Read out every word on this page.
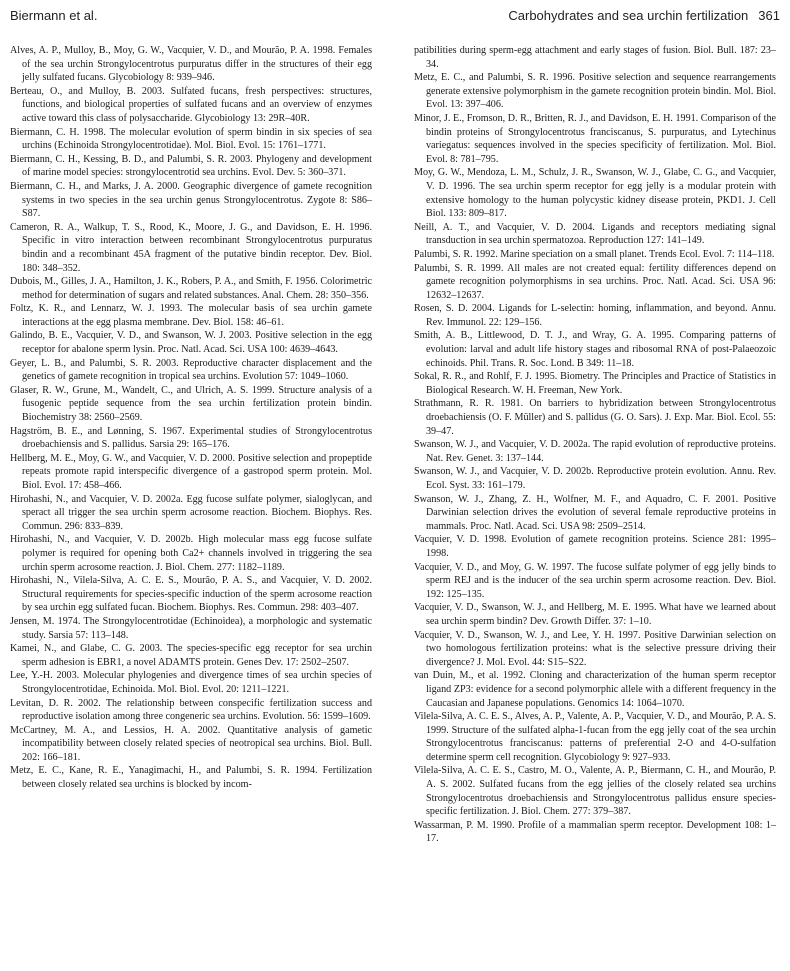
Biermann et al.	Carbohydrates and sea urchin fertilization 361

Alves, A. P., Mulloy, B., Moy, G. W., Vacquier, V. D., and Mourão, P. A. 1998. Females of the sea urchin Strongylocentrotus purpuratus differ in the structures of their egg jelly sulfated fucans. Glycobiology 8: 939–946.

Berteau, O., and Mulloy, B. 2003. Sulfated fucans, fresh perspectives: structures, functions, and biological properties of sulfated fucans and an overview of enzymes active toward this class of polysaccharide. Glycobiology 13: 29R–40R.

Biermann, C. H. 1998. The molecular evolution of sperm bindin in six species of sea urchins (Echinoida Strongylocentrotidae). Mol. Biol. Evol. 15: 1761–1771.

Biermann, C. H., Kessing, B. D., and Palumbi, S. R. 2003. Phylogeny and development of marine model species: strongylocentrotid sea urchins. Evol. Dev. 5: 360–371.

Biermann, C. H., and Marks, J. A. 2000. Geographic divergence of gamete recognition systems in two species in the sea urchin genus Strongylocentrotus. Zygote 8: S86–S87.

Cameron, R. A., Walkup, T. S., Rood, K., Moore, J. G., and Davidson, E. H. 1996. Specific in vitro interaction between recombinant Strongylocentrotus purpuratus bindin and a recombinant 45A fragment of the putative bindin receptor. Dev. Biol. 180: 348–352.

Dubois, M., Gilles, J. A., Hamilton, J. K., Robers, P. A., and Smith, F. 1956. Colorimetric method for determination of sugars and related substances. Anal. Chem. 28: 350–356.

Foltz, K. R., and Lennarz, W. J. 1993. The molecular basis of sea urchin gamete interactions at the egg plasma membrane. Dev. Biol. 158: 46–61.

Galindo, B. E., Vacquier, V. D., and Swanson, W. J. 2003. Positive selection in the egg receptor for abalone sperm lysin. Proc. Natl. Acad. Sci. USA 100: 4639–4643.

Geyer, L. B., and Palumbi, S. R. 2003. Reproductive character displacement and the genetics of gamete recognition in tropical sea urchins. Evolution 57: 1049–1060.

Glaser, R. W., Grune, M., Wandelt, C., and Ulrich, A. S. 1999. Structure analysis of a fusogenic peptide sequence from the sea urchin fertilization protein bindin. Biochemistry 38: 2560–2569.

Hagström, B. E., and Lønning, S. 1967. Experimental studies of Strongylocentrotus droebachiensis and S. pallidus. Sarsia 29: 165–176.

Hellberg, M. E., Moy, G. W., and Vacquier, V. D. 2000. Positive selection and propeptide repeats promote rapid interspecific divergence of a gastropod sperm protein. Mol. Biol. Evol. 17: 458–466.

Hirohashi, N., and Vacquier, V. D. 2002a. Egg fucose sulfate polymer, sialoglycan, and speract all trigger the sea urchin sperm acrosome reaction. Biochem. Biophys. Res. Commun. 296: 833–839.

Hirohashi, N., and Vacquier, V. D. 2002b. High molecular mass egg fucose sulfate polymer is required for opening both Ca2+ channels involved in triggering the sea urchin sperm acrosome reaction. J. Biol. Chem. 277: 1182–1189.

Hirohashi, N., Vilela-Silva, A. C. E. S., Mourão, P. A. S., and Vacquier, V. D. 2002. Structural requirements for species-specific induction of the sperm acrosome reaction by sea urchin egg sulfated fucan. Biochem. Biophys. Res. Commun. 298: 403–407.

Jensen, M. 1974. The Strongylocentrotidae (Echinoidea), a morphologic and systematic study. Sarsia 57: 113–148.

Kamei, N., and Glabe, C. G. 2003. The species-specific egg receptor for sea urchin sperm adhesion is EBR1, a novel ADAMTS protein. Genes Dev. 17: 2502–2507.

Lee, Y.-H. 2003. Molecular phylogenies and divergence times of sea urchin species of Strongylocentrotidae, Echinoida. Mol. Biol. Evol. 20: 1211–1221.

Levitan, D. R. 2002. The relationship between conspecific fertilization success and reproductive isolation among three congeneric sea urchins. Evolution. 56: 1599–1609.

McCartney, M. A., and Lessios, H. A. 2002. Quantitative analysis of gametic incompatibility between closely related species of neotropical sea urchins. Biol. Bull. 202: 166–181.

Metz, E. C., Kane, R. E., Yanagimachi, H., and Palumbi, S. R. 1994. Fertilization between closely related sea urchins is blocked by incom-

patibilities during sperm-egg attachment and early stages of fusion. Biol. Bull. 187: 23–34.

Metz, E. C., and Palumbi, S. R. 1996. Positive selection and sequence rearrangements generate extensive polymorphism in the gamete recognition protein bindin. Mol. Biol. Evol. 13: 397–406.

Minor, J. E., Fromson, D. R., Britten, R. J., and Davidson, E. H. 1991. Comparison of the bindin proteins of Strongylocentrotus franciscanus, S. purpuratus, and Lytechinus variegatus: sequences involved in the species specificity of fertilization. Mol. Biol. Evol. 8: 781–795.

Moy, G. W., Mendoza, L. M., Schulz, J. R., Swanson, W. J., Glabe, C. G., and Vacquier, V. D. 1996. The sea urchin sperm receptor for egg jelly is a modular protein with extensive homology to the human polycystic kidney disease protein, PKD1. J. Cell Biol. 133: 809–817.

Neill, A. T., and Vacquier, V. D. 2004. Ligands and receptors mediating signal transduction in sea urchin spermatozoa. Reproduction 127: 141–149.

Palumbi, S. R. 1992. Marine speciation on a small planet. Trends Ecol. Evol. 7: 114–118.

Palumbi, S. R. 1999. All males are not created equal: fertility differences depend on gamete recognition polymorphisms in sea urchins. Proc. Natl. Acad. Sci. USA 96: 12632–12637.

Rosen, S. D. 2004. Ligands for L-selectin: homing, inflammation, and beyond. Annu. Rev. Immunol. 22: 129–156.

Smith, A. B., Littlewood, D. T. J., and Wray, G. A. 1995. Comparing patterns of evolution: larval and adult life history stages and ribosomal RNA of post-Palaeozoic echinoids. Phil. Trans. R. Soc. Lond. B 349: 11–18.

Sokal, R. R., and Rohlf, F. J. 1995. Biometry. The Principles and Practice of Statistics in Biological Research. W. H. Freeman, New York.

Strathmann, R. R. 1981. On barriers to hybridization between Strongylocentrotus droebachiensis (O. F. Müller) and S. pallidus (G. O. Sars). J. Exp. Mar. Biol. Ecol. 55: 39–47.

Swanson, W. J., and Vacquier, V. D. 2002a. The rapid evolution of reproductive proteins. Nat. Rev. Genet. 3: 137–144.

Swanson, W. J., and Vacquier, V. D. 2002b. Reproductive protein evolution. Annu. Rev. Ecol. Syst. 33: 161–179.

Swanson, W. J., Zhang, Z. H., Wolfner, M. F., and Aquadro, C. F. 2001. Positive Darwinian selection drives the evolution of several female reproductive proteins in mammals. Proc. Natl. Acad. Sci. USA 98: 2509–2514.

Vacquier, V. D. 1998. Evolution of gamete recognition proteins. Science 281: 1995–1998.

Vacquier, V. D., and Moy, G. W. 1997. The fucose sulfate polymer of egg jelly binds to sperm REJ and is the inducer of the sea urchin sperm acrosome reaction. Dev. Biol. 192: 125–135.

Vacquier, V. D., Swanson, W. J., and Hellberg, M. E. 1995. What have we learned about sea urchin sperm bindin? Dev. Growth Differ. 37: 1–10.

Vacquier, V. D., Swanson, W. J., and Lee, Y. H. 1997. Positive Darwinian selection on two homologous fertilization proteins: what is the selective pressure driving their divergence? J. Mol. Evol. 44: S15–S22.

van Duin, M., et al. 1992. Cloning and characterization of the human sperm receptor ligand ZP3: evidence for a second polymorphic allele with a different frequency in the Caucasian and Japanese populations. Genomics 14: 1064–1070.

Vilela-Silva, A. C. E. S., Alves, A. P., Valente, A. P., Vacquier, V. D., and Mourão, P. A. S. 1999. Structure of the sulfated alpha-1-fucan from the egg jelly coat of the sea urchin Strongylocentrotus franciscanus: patterns of preferential 2-O and 4-O-sulfation determine sperm cell recognition. Glycobiology 9: 927–933.

Vilela-Silva, A. C. E. S., Castro, M. O., Valente, A. P., Biermann, C. H., and Mourão, P. A. S. 2002. Sulfated fucans from the egg jellies of the closely related sea urchins Strongylocentrotus droebachiensis and Strongylocentrotus pallidus ensure species-specific fertilization. J. Biol. Chem. 277: 379–387.

Wassarman, P. M. 1990. Profile of a mammalian sperm receptor. Development 108: 1–17.
